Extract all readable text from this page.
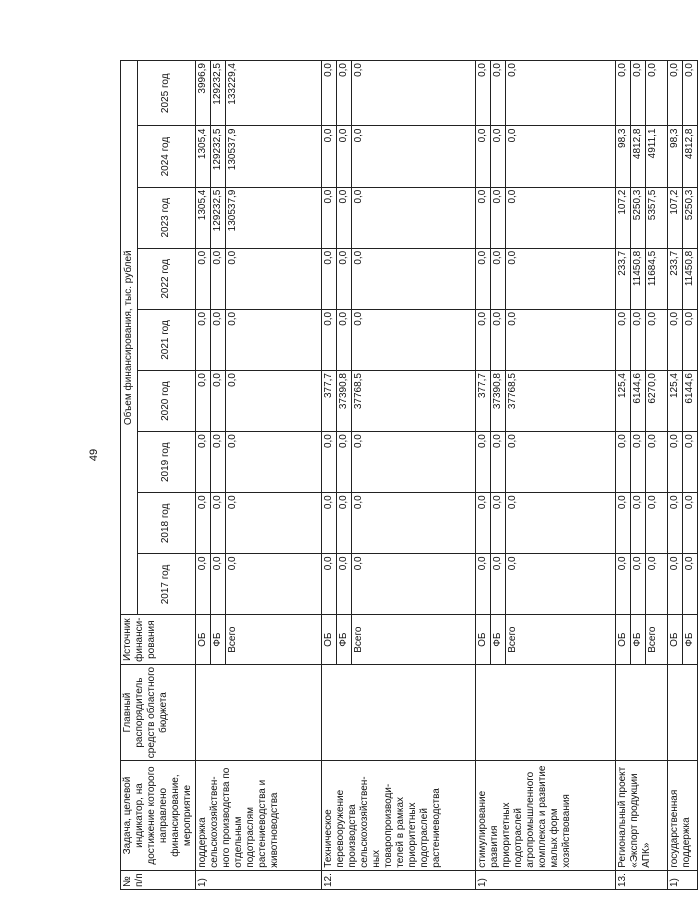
49
№ п/п	Задача, целевой индикатор, на достижение которого направлено финансирование, мероприятие	Главный распорядитель средств областного бюджета	Источник финанси-рования	Объем финансирования, тыс. рублей								
				2017 год	2018 год	2019 год	2020 год	2021 год	2022 год	2023 год	2024 год	2025 год
1)	поддержка сельскохозяйствен-ного производства по отдельным подотраслям растениеводства и животноводства		ОБ	0,0	0,0	0,0	0,0	0,0	0,0	1305,4	1305,4	3996,9
			ФБ	0,0	0,0	0,0	0,0	0,0	0,0	129232,5	129232,5	129232,5
			Всего	0,0	0,0	0,0	0,0	0,0	0,0	130537,9	130537,9	133229,4
12.	Техническое перевооружение производства сельскохозяйствен-ных товаропроизводи-телей в рамках приоритетных подотраслей растениеводства		ОБ	0,0	0,0	0,0	377,7	0,0	0,0	0,0	0,0	0,0
			ФБ	0,0	0,0	0,0	37390,8	0,0	0,0	0,0	0,0	0,0
			Всего	0,0	0,0	0,0	37768,5	0,0	0,0	0,0	0,0	0,0
1)	стимулирование развития приоритетных подотраслей агропромышленного комплекса и развитие малых форм хозяйствования		ОБ	0,0	0,0	0,0	377,7	0,0	0,0	0,0	0,0	0,0
			ФБ	0,0	0,0	0,0	37390,8	0,0	0,0	0,0	0,0	0,0
			Всего	0,0	0,0	0,0	37768,5	0,0	0,0	0,0	0,0	0,0
13.	Региональный проект «Экспорт продукции АПК»		ОБ	0,0	0,0	0,0	125,4	0,0	233,7	107,2	98,3	0,0
			ФБ	0,0	0,0	0,0	6144,6	0,0	11450,8	5250,3	4812,8	0,0
			Всего	0,0	0,0	0,0	6270,0	0,0	11684,5	5357,5	4911,1	0,0
1)	государственная поддержка		ОБ	0,0	0,0	0,0	125,4	0,0	233,7	107,2	98,3	0,0
			ФБ	0,0	0,0	0,0	6144,6	0,0	11450,8	5250,3	4812,8	0,0
